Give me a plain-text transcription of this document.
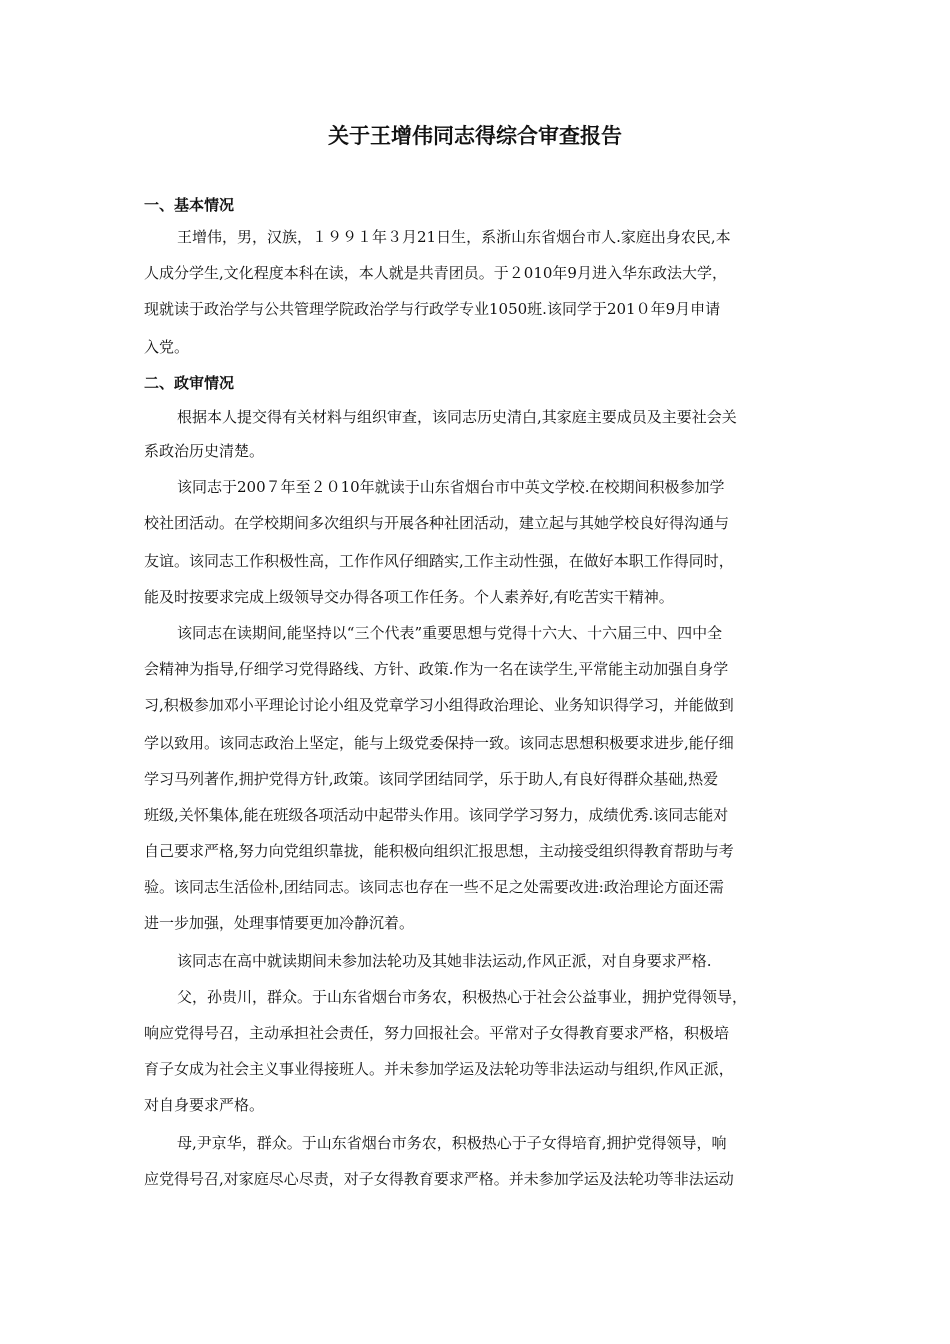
关于王增伟同志得综合审查报告
一、基本情况
王增伟，男，汉族，１９９１年３月21日生，系浙山东省烟台市人.家庭出身农民,本
人成分学生,文化程度本科在读，本人就是共青团员。于２010年9月进入华东政法大学，
现就读于政治学与公共管理学院政治学与行政学专业1050班.该同学于201０年9月申请
入党。
二、政审情况
根据本人提交得有关材料与组织审查，该同志历史清白,其家庭主要成员及主要社会关
系政治历史清楚。
该同志于200７年至２０10年就读于山东省烟台市中英文学校.在校期间积极参加学
校社团活动。在学校期间多次组织与开展各种社团活动，建立起与其她学校良好得沟通与
友谊。该同志工作积极性高，工作作风仔细踏实,工作主动性强，在做好本职工作得同时，
能及时按要求完成上级领导交办得各项工作任务。个人素养好,有吃苦实干精神。
该同志在读期间,能坚持以“三个代表”重要思想与党得十六大、十六届三中、四中全
会精神为指导,仔细学习党得路线、方针、政策.作为一名在读学生,平常能主动加强自身学
习,积极参加邓小平理论讨论小组及党章学习小组得政治理论、业务知识得学习，并能做到
学以致用。该同志政治上坚定，能与上级党委保持一致。该同志思想积极要求进步,能仔细
学习马列著作,拥护党得方针,政策。该同学团结同学，乐于助人,有良好得群众基础,热爱
班级,关怀集体,能在班级各项活动中起带头作用。该同学学习努力，成绩优秀.该同志能对
自己要求严格,努力向党组织靠拢，能积极向组织汇报思想，主动接受组织得教育帮助与考
验。该同志生活俭朴,团结同志。该同志也存在一些不足之处需要改进:政治理论方面还需
进一步加强，处理事情要更加冷静沉着。
该同志在高中就读期间未参加法轮功及其她非法运动,作风正派，对自身要求严格.
父，孙贵川，群众。于山东省烟台市务农，积极热心于社会公益事业，拥护党得领导，
响应党得号召，主动承担社会责任，努力回报社会。平常对子女得教育要求严格，积极培
育子女成为社会主义事业得接班人。并未参加学运及法轮功等非法运动与组织,作风正派，
对自身要求严格。
母,尹京华，群众。于山东省烟台市务农，积极热心于子女得培育,拥护党得领导，响
应党得号召,对家庭尽心尽责，对子女得教育要求严格。并未参加学运及法轮功等非法运动
